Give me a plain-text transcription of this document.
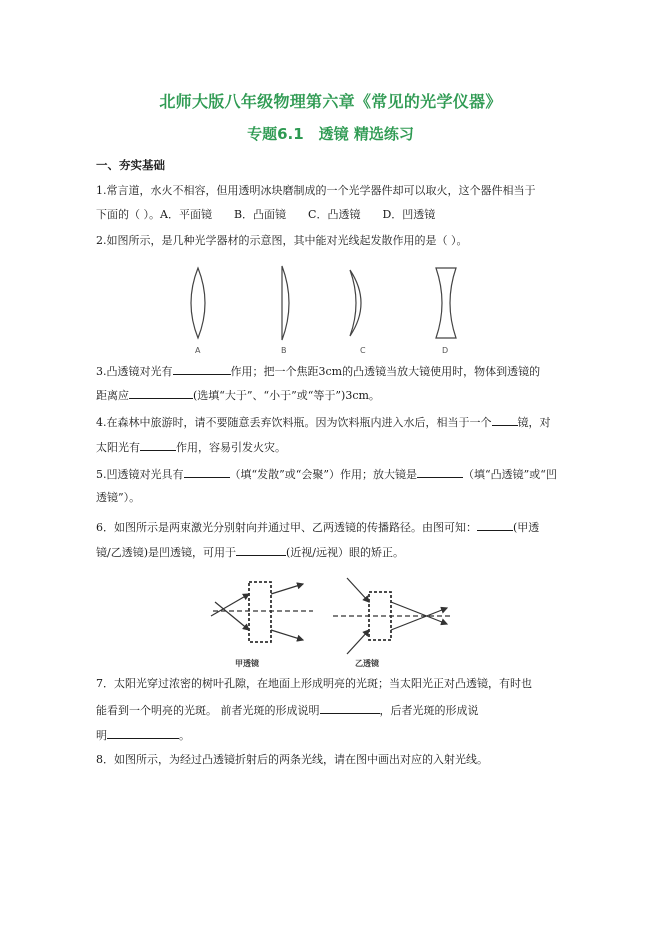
北师大版八年级物理第六章《常见的光学仪器》
专题6.1　透镜 精选练习
一、夯实基础
1.常言道，水火不相容，但用透明冰块磨制成的一个光学器件却可以取火，这个器件相当于
下面的（ ）。A．平面镜　　B．凸面镜　　C．凸透镜　　D．凹透镜
2.如图所示，是几种光学器材的示意图，其中能对光线起发散作用的是（ ）。
A	B	C	D
3.凸透镜对光有	作用；把一个焦距3cm的凸透镜当放大镜使用时，物体到透镜的
距离应	(选填“大于”、“小于”或“等于”)3cm。
4.在森林中旅游时，请不要随意丢弃饮料瓶。因为饮料瓶内进入水后，相当于一个 镜，对
太阳光有	作用，容易引发火灾。
5.凹透镜对光具有	（填“发散”或“会聚”）作用；放大镜是	（填“凸透镜”或“凹
透镜”）。
6．如图所示是两束激光分别射向并通过甲、乙两透镜的传播路径。由图可知：	(甲透
镜/乙透镜)是凹透镜，可用于	(近视/远视）眼的矫正。
甲透镜	乙透镜
7．太阳光穿过浓密的树叶孔隙，在地面上形成明亮的光斑；当太阳光正对凸透镜，有时也
能看到一个明亮的光斑。 前者光斑的形成说明	，后者光斑的形成说
明	。
8．如图所示，为经过凸透镜折射后的两条光线，请在图中画出对应的入射光线。
